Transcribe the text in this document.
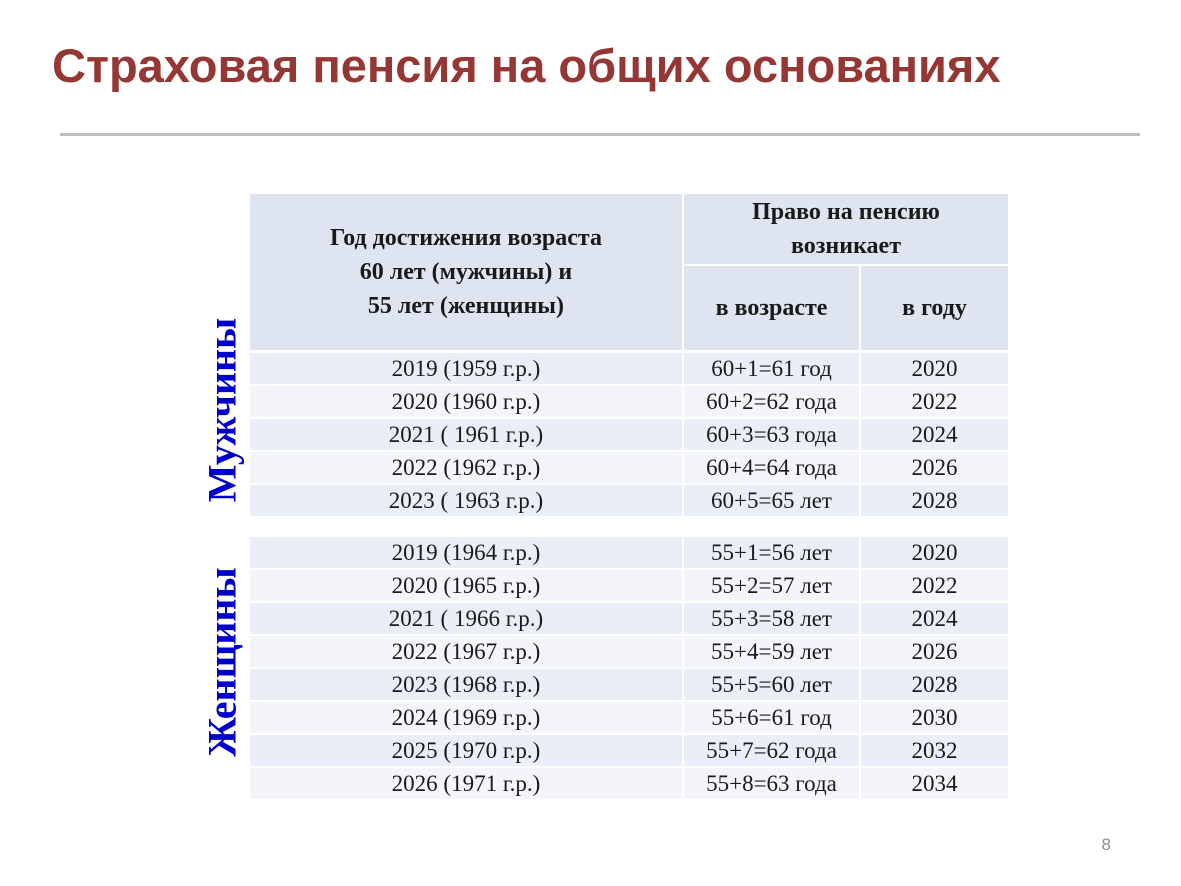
Страховая пенсия на общих основаниях
Мужчины
Женщины
Год достижения возраста
60 лет (мужчины) и
55 лет (женщины)
Право на пенсию
возникает
в возрасте	в году
2019 (1959 г.р.)	60+1=61 год	2020
2020 (1960 г.р.)	60+2=62 года	2022
2021 ( 1961 г.р.)	60+3=63 года	2024
2022 (1962 г.р.)	60+4=64 года	2026
2023 ( 1963 г.р.)	60+5=65 лет	2028
2019 (1964 г.р.)	55+1=56 лет	2020
2020 (1965 г.р.)	55+2=57 лет	2022
2021 ( 1966 г.р.)	55+3=58 лет	2024
2022 (1967 г.р.)	55+4=59 лет	2026
2023 (1968 г.р.)	55+5=60 лет	2028
2024 (1969 г.р.)	55+6=61 год	2030
2025 (1970 г.р.)	55+7=62 года	2032
2026 (1971 г.р.)	55+8=63 года	2034
8
